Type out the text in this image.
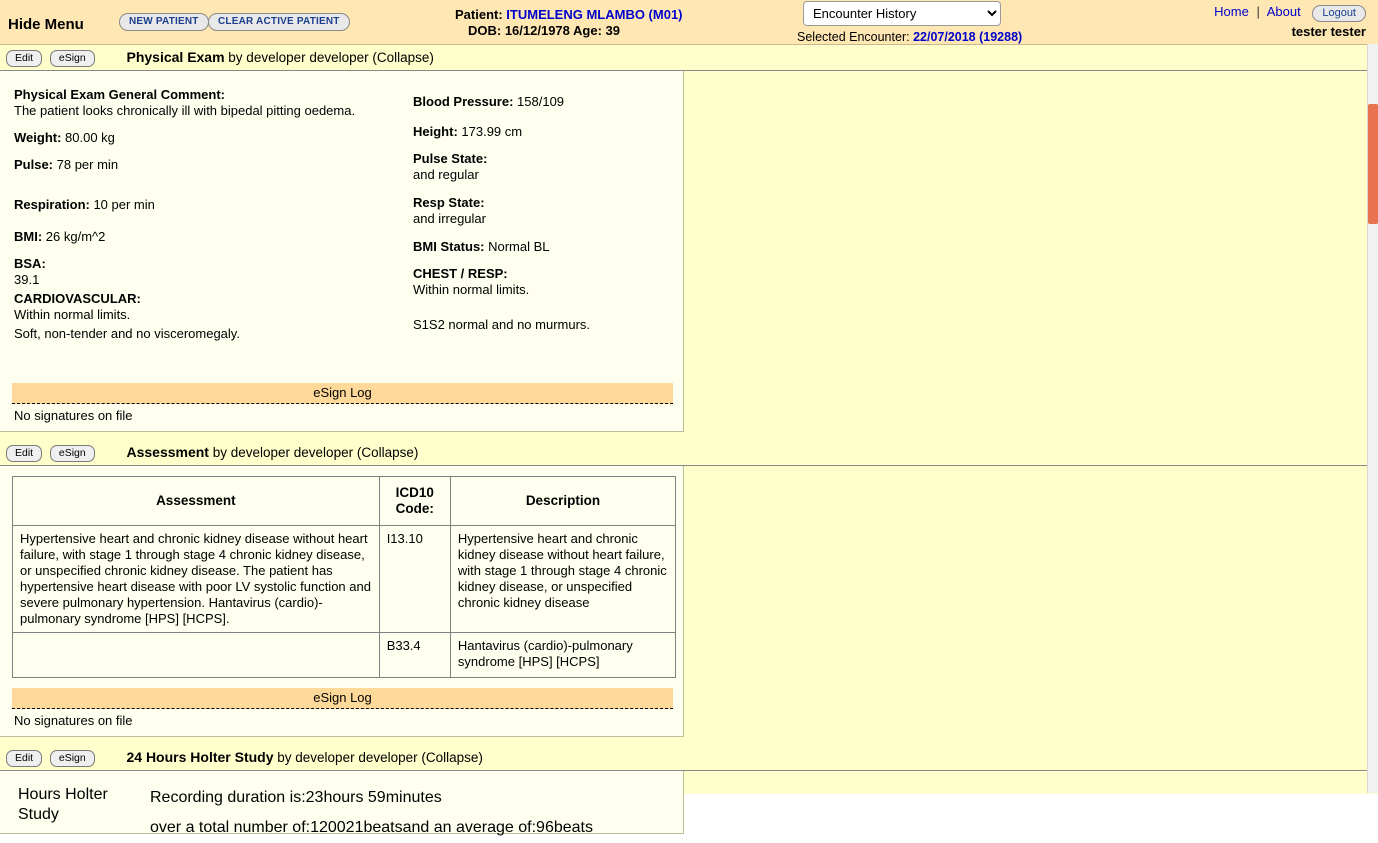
Hide Menu	NEW PATIENT	CLEAR ACTIVE PATIENT	Patient: ITUMELENG MLAMBO (M01)
DOB: 16/12/1978 Age: 39
Encounter History	Selected Encounter: 22/07/2018 (19288)
Home | About Logout
tester tester
Edit eSign	Physical Exam by developer developer (Collapse)
Physical Exam General Comment:
The patient looks chronically ill with bipedal pitting oedema.
Weight: 80.00 kg
Pulse: 78 per min
Respiration: 10 per min
BMI: 26 kg/m^2
BSA:
39.1
CARDIOVASCULAR:
Within normal limits.
Soft, non-tender and no visceromegaly.
Blood Pressure: 158/109
Height: 173.99 cm
Pulse State:
and regular
Resp State:
and irregular
BMI Status: Normal BL
CHEST / RESP:
Within normal limits.
S1S2 normal and no murmurs.
eSign Log
No signatures on file
Edit eSign	Assessment by developer developer (Collapse)
Assessment	ICD10 Code:	Description
Hypertensive heart and chronic kidney disease without heart failure, with stage 1 through stage 4 chronic kidney disease, or unspecified chronic kidney disease. The patient has hypertensive heart disease with poor LV systolic function and severe pulmonary hypertension. Hantavirus (cardio)-pulmonary syndrome [HPS] [HCPS].	I13.10	Hypertensive heart and chronic kidney disease without heart failure, with stage 1 through stage 4 chronic kidney disease, or unspecified chronic kidney disease
	B33.4	Hantavirus (cardio)-pulmonary syndrome [HPS] [HCPS]
eSign Log
No signatures on file
Edit eSign	24 Hours Holter Study by developer developer (Collapse)
Hours Holter Study
Recording duration is:23hours 59minutes
over a total number of:120021beatsand an average of:96beats
